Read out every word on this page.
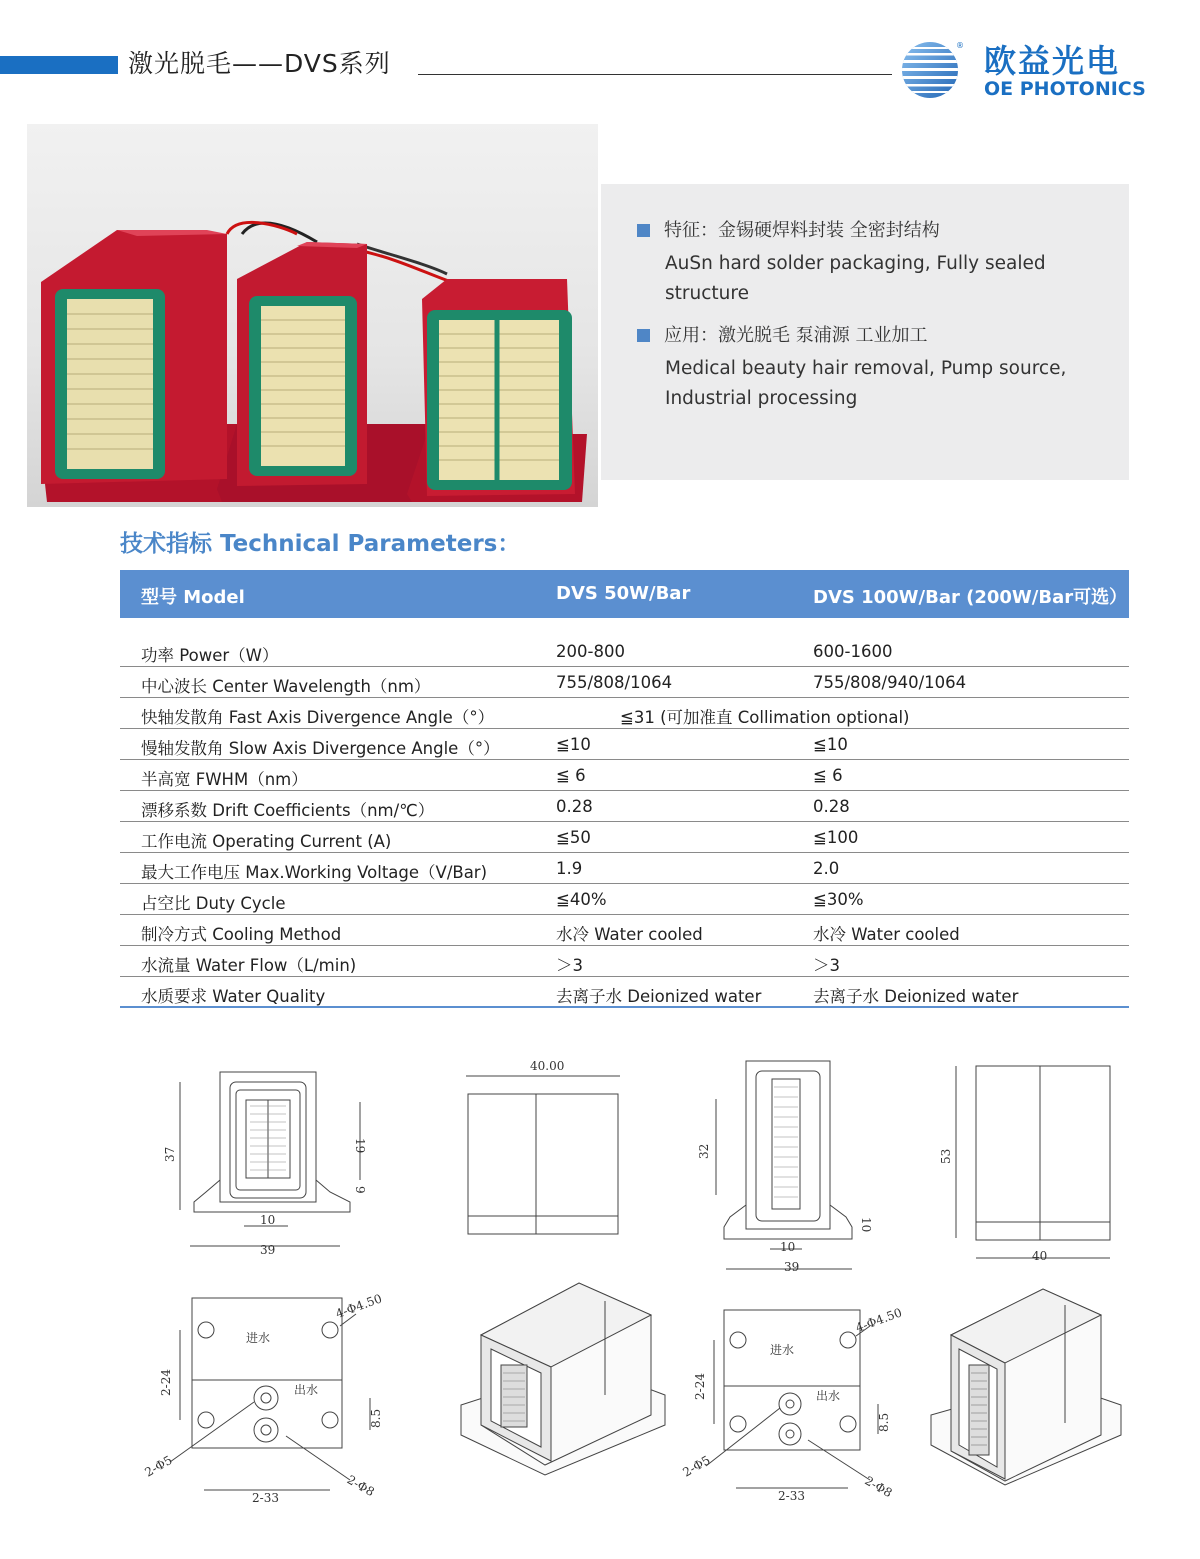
激光脱毛——DVS系列
® 欧益光电
OE PHOTONICS
特征：金锡硬焊料封装 全密封结构
AuSn hard solder packaging, Fully sealed structure
应用：激光脱毛 泵浦源 工业加工
Medical beauty hair removal, Pump source, Industrial processing
技术指标 Technical Parameters：
型号 Model	DVS 50W/Bar	DVS 100W/Bar (200W/Bar可选）
功率 Power（W）	200-800	600-1600
中心波长 Center Wavelength（nm）	755/808/1064	755/808/940/1064
快轴发散角 Fast Axis Divergence Angle（°）	≦31 (可加准直 Collimation optional)
慢轴发散角 Slow Axis Divergence Angle（°）	≦10	≦10
半高宽 FWHM（nm）	≦ 6	≦ 6
漂移系数 Drift Coefficients（nm/℃）	0.28	0.28
工作电流 Operating Current (A)	≦50	≦100
最大工作电压 Max.Working Voltage（V/Bar)	1.9	2.0
占空比 Duty Cycle	≦40%	≦30%
制冷方式 Cooling Method	水冷 Water cooled	水冷 Water cooled
水流量 Water Flow（L/min)	＞3	＞3
水质要求 Water Quality	去离子水 Deionized water	去离子水 Deionized water
37
19
9
10
39
40.00
32
10
10
39
53
40
4-Φ4.50
进水
出水
2-24
8.5
2-Φ5
2-Φ8
2-33
4-Φ4.50
进水
出水
2-24
8.5
2-Φ5
2-Φ8
2-33
